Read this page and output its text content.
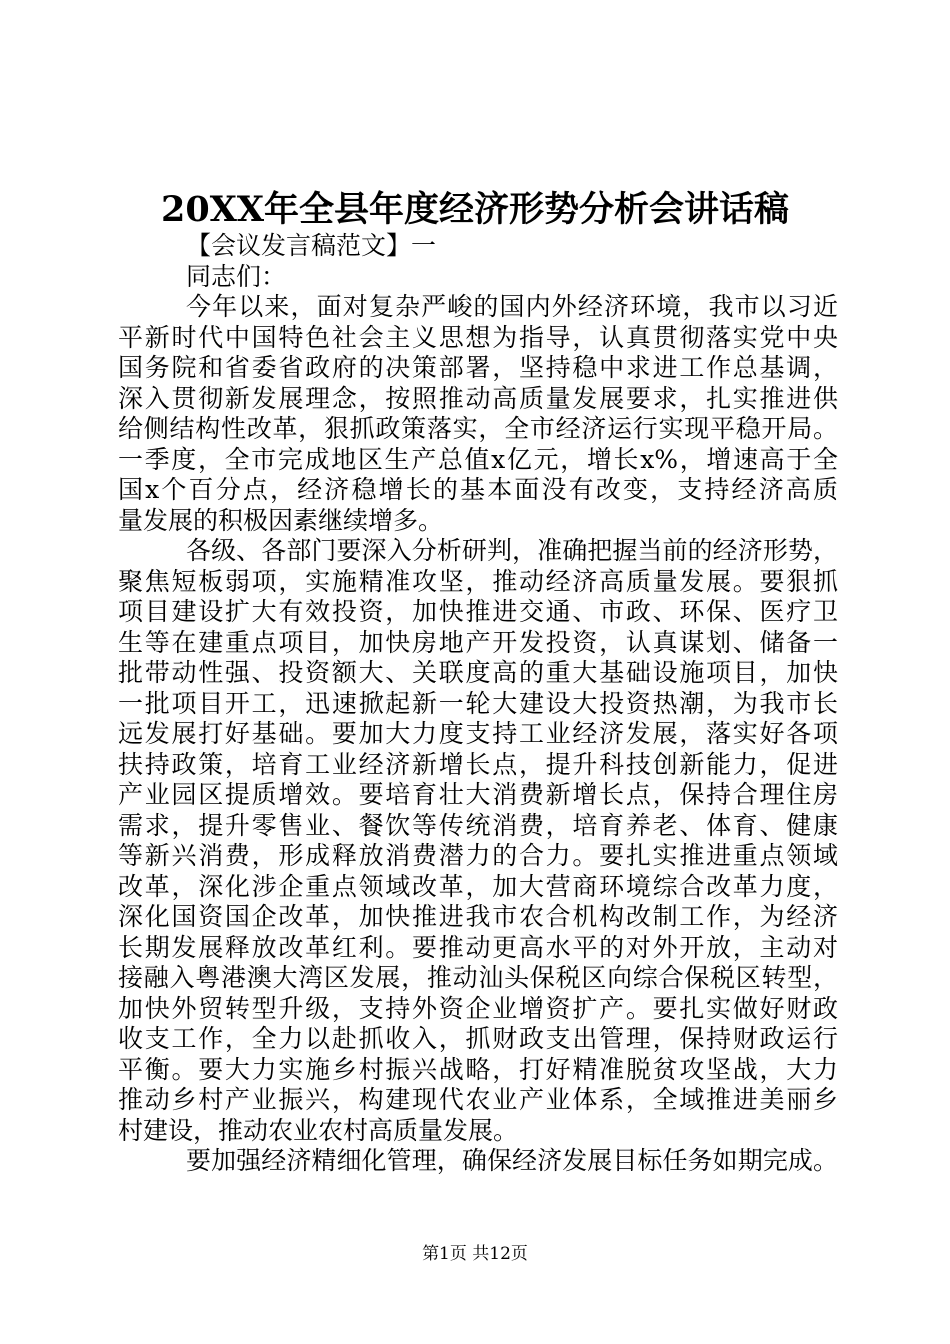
20XX年全县年度经济形势分析会讲话稿
【会议发言稿范文】一
同志们：
今年以来，面对复杂严峻的国内外经济环境，我市以习近
平新时代中国特色社会主义思想为指导，认真贯彻落实党中央
国务院和省委省政府的决策部署，坚持稳中求进工作总基调，
深入贯彻新发展理念，按照推动高质量发展要求，扎实推进供
给侧结构性改革，狠抓政策落实，全市经济运行实现平稳开局。
一季度，全市完成地区生产总值x亿元，增长x%，增速高于全
国x个百分点，经济稳增长的基本面没有改变，支持经济高质
量发展的积极因素继续增多。
各级、各部门要深入分析研判，准确把握当前的经济形势，
聚焦短板弱项，实施精准攻坚，推动经济高质量发展。要狠抓
项目建设扩大有效投资，加快推进交通、市政、环保、医疗卫
生等在建重点项目，加快房地产开发投资，认真谋划、储备一
批带动性强、投资额大、关联度高的重大基础设施项目，加快
一批项目开工，迅速掀起新一轮大建设大投资热潮，为我市长
远发展打好基础。要加大力度支持工业经济发展，落实好各项
扶持政策，培育工业经济新增长点，提升科技创新能力，促进
产业园区提质增效。要培育壮大消费新增长点，保持合理住房
需求，提升零售业、餐饮等传统消费，培育养老、体育、健康
等新兴消费，形成释放消费潜力的合力。要扎实推进重点领域
改革，深化涉企重点领域改革，加大营商环境综合改革力度，
深化国资国企改革，加快推进我市农合机构改制工作，为经济
长期发展释放改革红利。要推动更高水平的对外开放，主动对
接融入粤港澳大湾区发展，推动汕头保税区向综合保税区转型，
加快外贸转型升级，支持外资企业增资扩产。要扎实做好财政
收支工作，全力以赴抓收入，抓财政支出管理，保持财政运行
平衡。要大力实施乡村振兴战略，打好精准脱贫攻坚战，大力
推动乡村产业振兴，构建现代农业产业体系，全域推进美丽乡
村建设，推动农业农村高质量发展。
要加强经济精细化管理，确保经济发展目标任务如期完成。
第1页 共12页
